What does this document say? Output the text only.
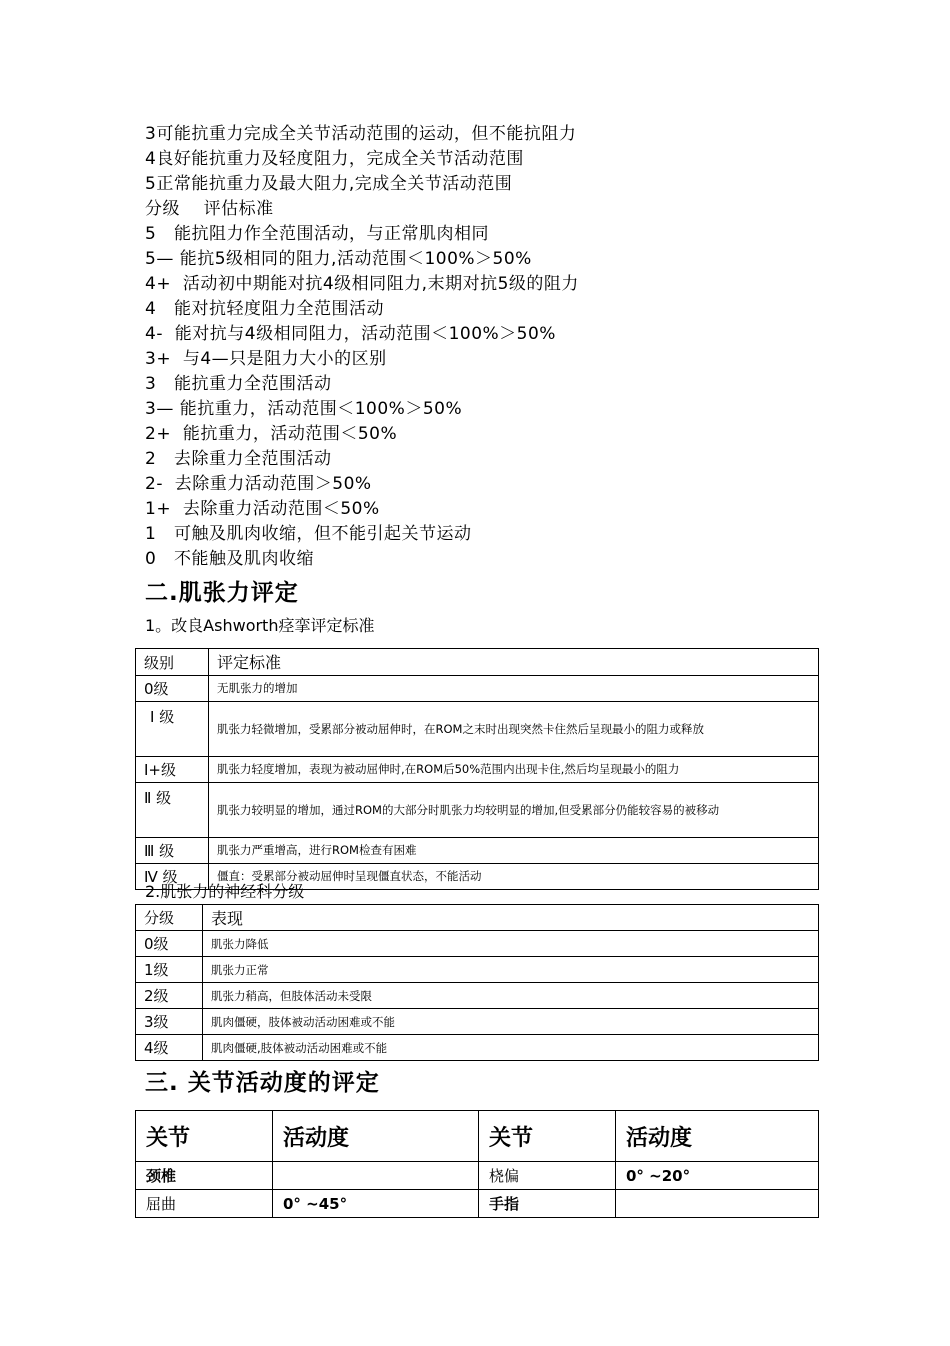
3可能抗重力完成全关节活动范围的运动，但不能抗阻力
4良好能抗重力及轻度阻力，完成全关节活动范围
5正常能抗重力及最大阻力,完成全关节活动范围
分级    评估标准
5   能抗阻力作全范围活动，与正常肌肉相同
5— 能抗5级相同的阻力,活动范围＜100%＞50%
4+  活动初中期能对抗4级相同阻力,末期对抗5级的阻力
4   能对抗轻度阻力全范围活动
4-  能对抗与4级相同阻力，活动范围＜100%＞50%
3+  与4—只是阻力大小的区别
3   能抗重力全范围活动
3— 能抗重力，活动范围＜100%＞50%
2+  能抗重力，活动范围＜50%
2   去除重力全范围活动
2-  去除重力活动范围＞50%
1+  去除重力活动范围＜50%
1   可触及肌肉收缩，但不能引起关节运动
0   不能触及肌肉收缩
二.肌张力评定
1。改良Ashworth痉挛评定标准
级别	评定标准
0级	无肌张力的增加
Ⅰ 级	肌张力轻微增加，受累部分被动屈伸时，在ROM之末时出现突然卡住然后呈现最小的阻力或释放
Ⅰ+级	肌张力轻度增加，表现为被动屈伸时,在ROM后50%范围内出现卡住,然后均呈现最小的阻力
Ⅱ 级	肌张力较明显的增加，通过ROM的大部分时肌张力均较明显的增加,但受累部分仍能较容易的被移动
Ⅲ 级	肌张力严重增高，进行ROM检查有困难
Ⅳ 级	僵直：受累部分被动屈伸时呈现僵直状态，不能活动
2.肌张力的神经科分级
分级	表现
0级	肌张力降低
1级	肌张力正常
2级	肌张力稍高，但肢体活动未受限
3级	肌肉僵硬，肢体被动活动困难或不能
4级	肌肉僵硬,肢体被动活动困难或不能
三. 关节活动度的评定
关节	活动度	关节	活动度
颈椎		桡偏	0° ~20°
屈曲	0° ~45°	手指	
